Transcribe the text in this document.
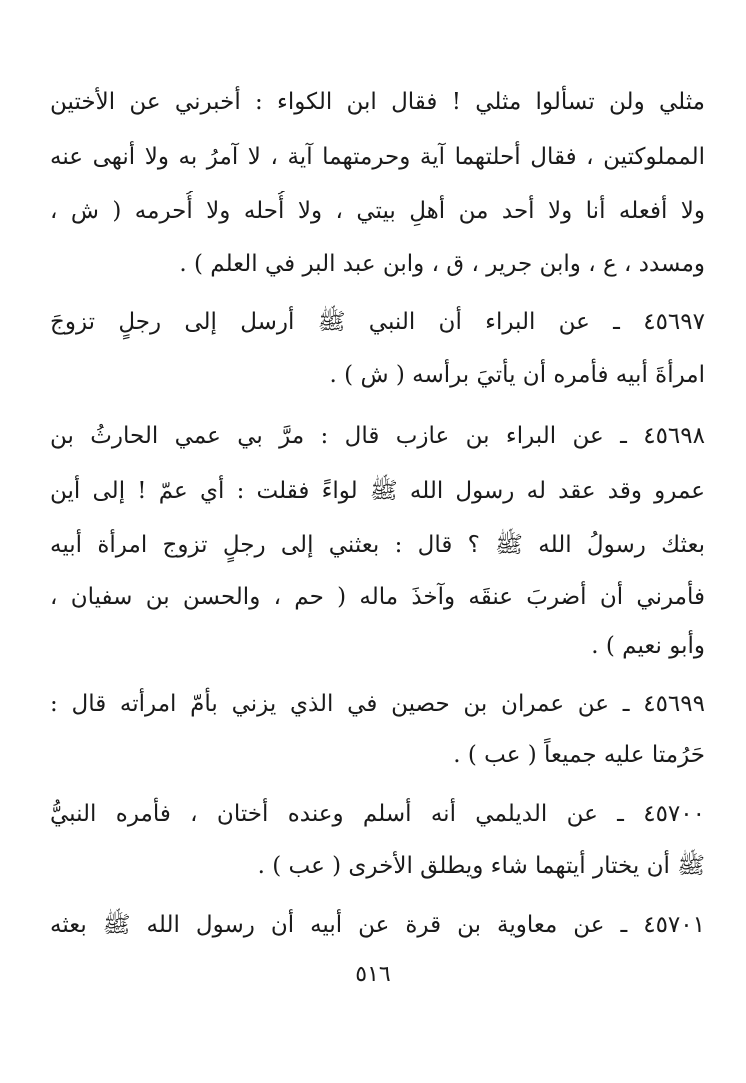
مثلي ولن تسألوا مثلي ! فقال ابن الكواء : أخبرني عن الأختين
المملوكتين ، فقال أحلتهما آية وحرمتهما آية ، لا آمرُ به ولا أنهى عنه
ولا أفعله أنا ولا أحد من أهلِ بيتي ، ولا أُحله ولا أُحرمه ( ش ،
ومسدد ، ع ، وابن جرير ، ق ، وابن عبد البر في العلم ) .
٤٥٦٩٧ ـ عن البراء أن النبي ﷺ أرسل إلى رجلٍ تزوجَ
امرأةَ أبيه فأمره أن يأتيَ برأسه ( ش ) .
٤٥٦٩٨ ـ عن البراء بن عازب قال : مرَّ بي عمي الحارثُ بن
عمرو وقد عقد له رسول الله ﷺ لواءً فقلت : أي عمّ ! إلى أين
بعثك رسولُ الله ﷺ ؟ قال : بعثني إلى رجلٍ تزوج امرأة أبيه
فأمرني أن أضربَ عنقَه وآخذَ ماله ( حم ، والحسن بن سفيان ،
وأبو نعيم ) .
٤٥٦٩٩ ـ عن عمران بن حصين في الذي يزني بأمّ امرأته قال :
حَرُمتا عليه جميعاً ( عب ) .
٤٥٧٠٠ ـ عن الديلمي أنه أسلم وعنده أختان ، فأمره النبيُّ
ﷺ أن يختار أيتهما شاء ويطلق الأخرى ( عب ) .
٤٥٧٠١ ـ عن معاوية بن قرة عن أبيه أن رسول الله ﷺ بعثه
٥١٦
